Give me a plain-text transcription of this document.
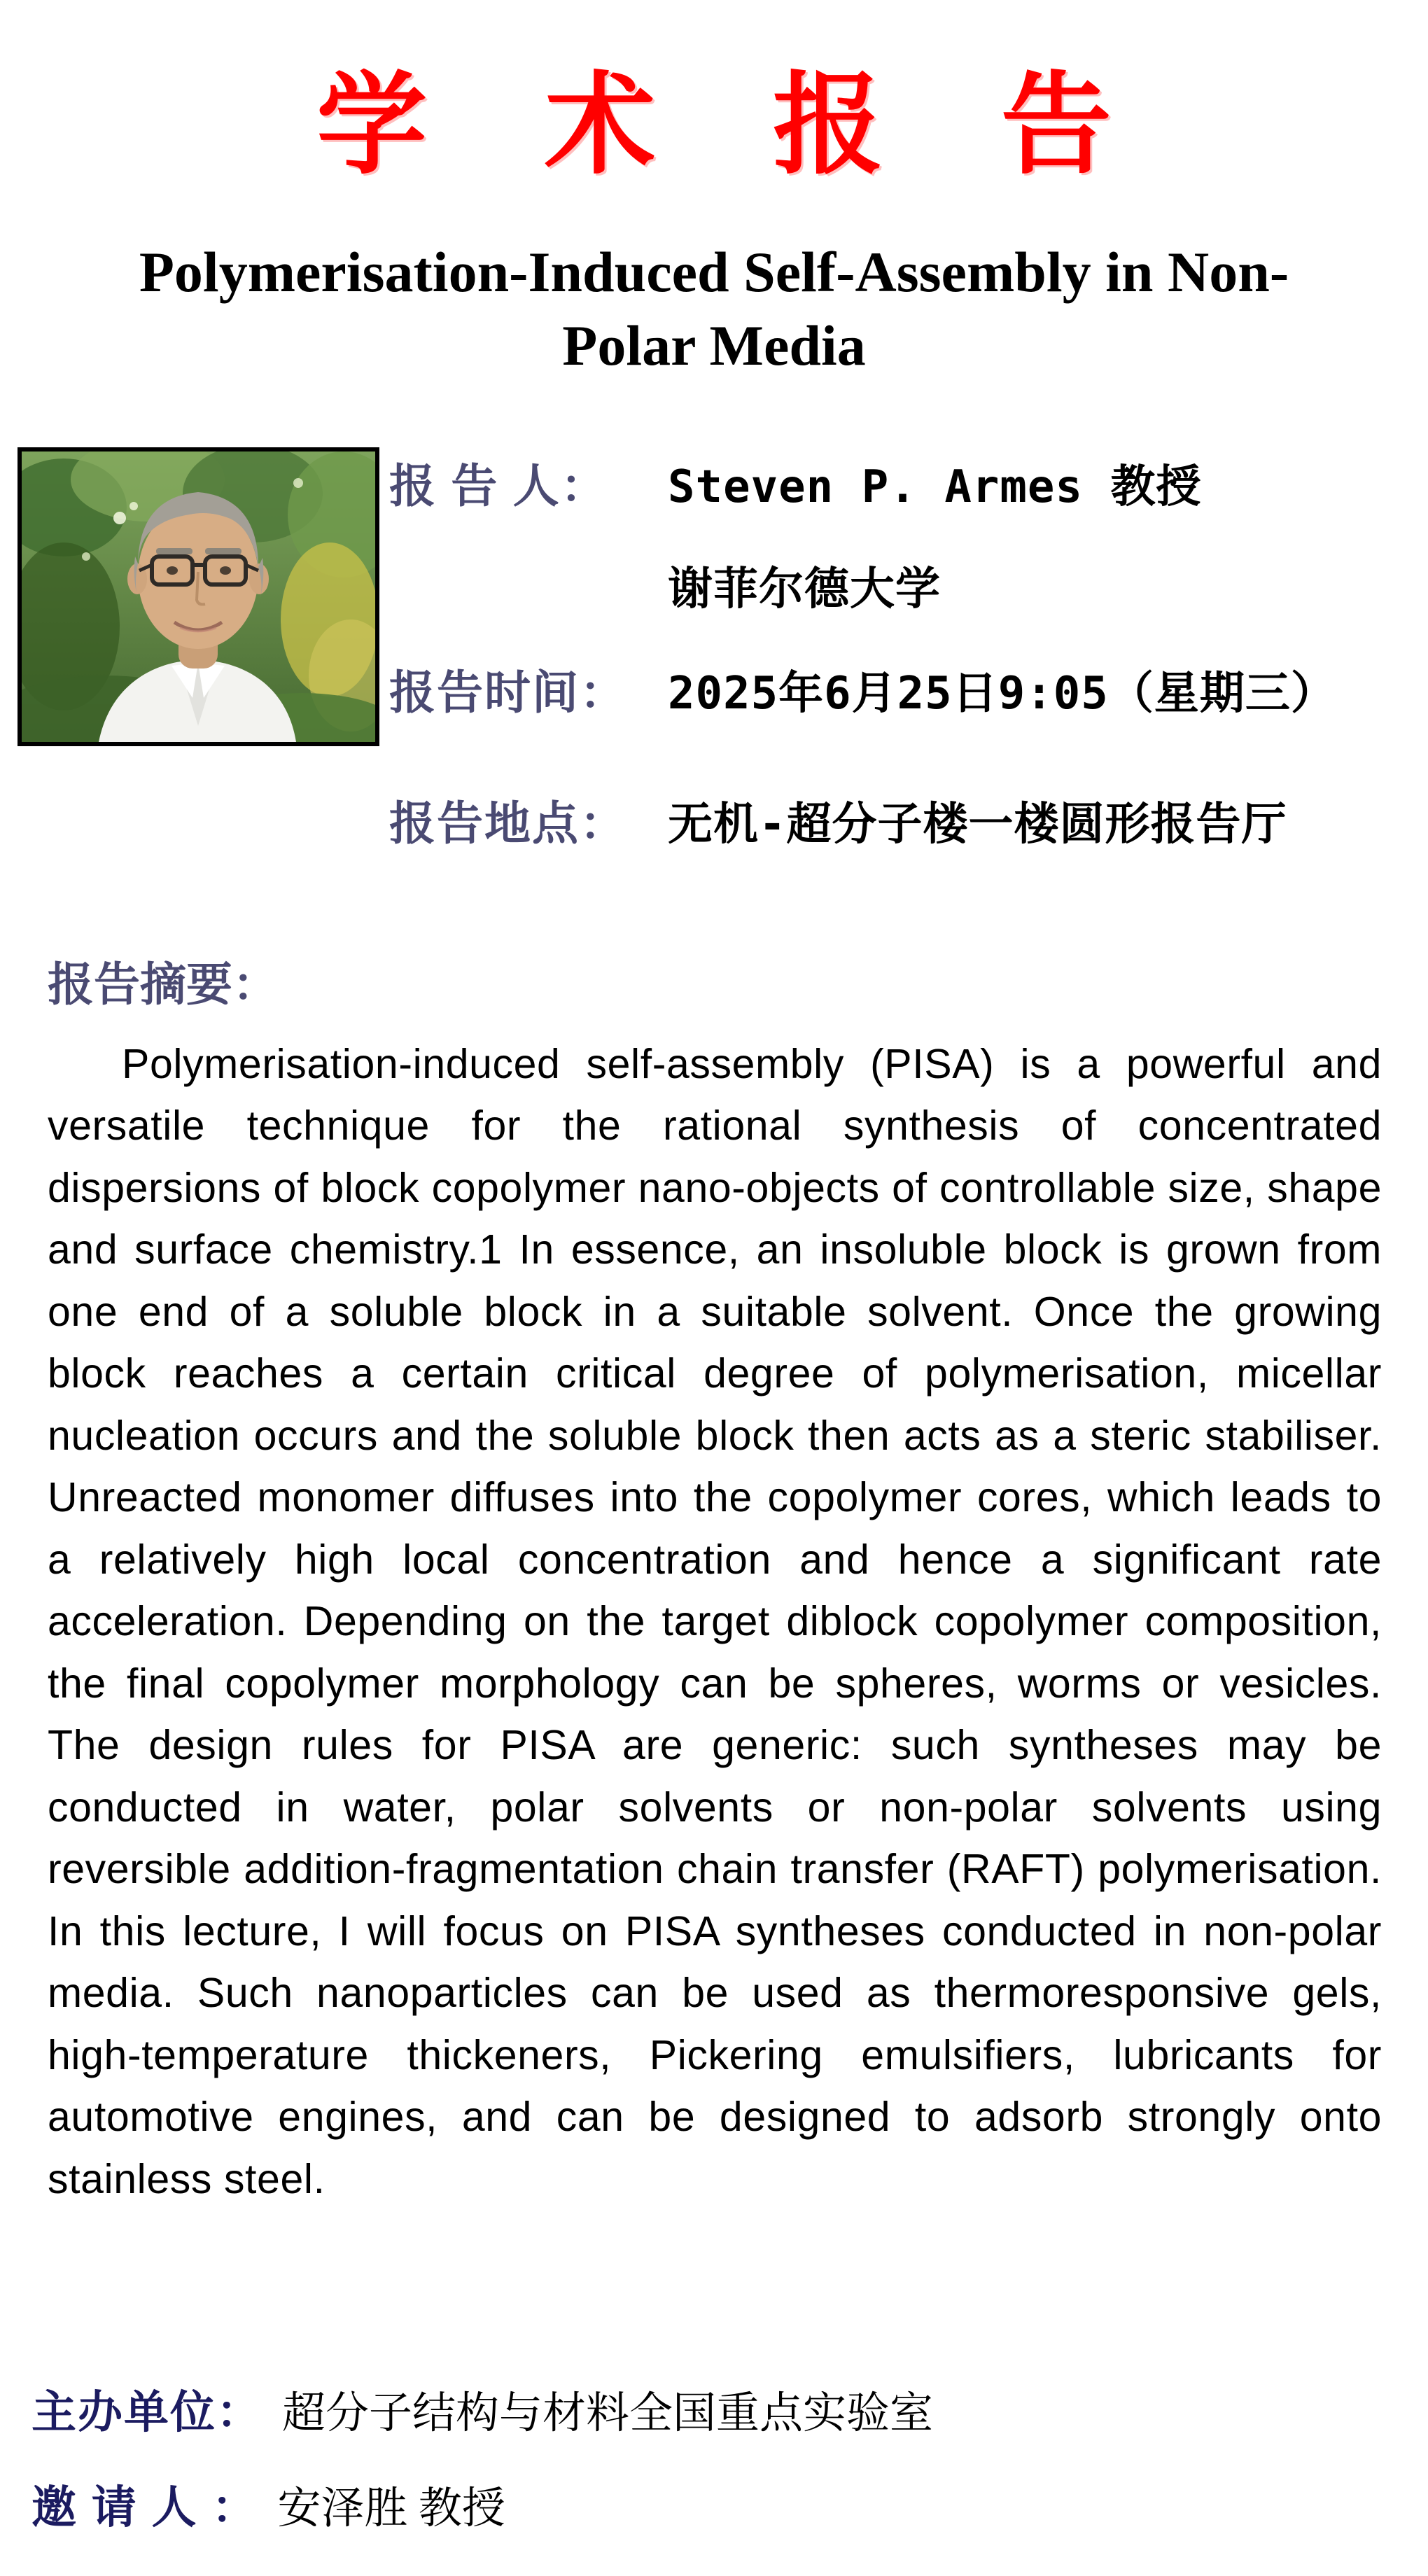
学 术 报 告
Polymerisation-Induced Self-Assembly in Non-Polar Media
报 告 人：	Steven P. Armes 教授
谢菲尔德大学
报告时间： 2025年6月25日9:05（星期三）
报告地点： 无机-超分子楼一楼圆形报告厅
报告摘要：
Polymerisation-induced self-assembly (PISA) is a powerful and versatile technique for the rational synthesis of concentrated dispersions of block copolymer nano-objects of controllable size, shape and surface chemistry.1 In essence, an insoluble block is grown from one end of a soluble block in a suitable solvent. Once the growing block reaches a certain critical degree of polymerisation, micellar nucleation occurs and the soluble block then acts as a steric stabiliser. Unreacted monomer diffuses into the copolymer cores, which leads to a relatively high local concentration and hence a significant rate acceleration. Depending on the target diblock copolymer composition, the final copolymer morphology can be spheres, worms or vesicles. The design rules for PISA are generic: such syntheses may be conducted in water, polar solvents or non-polar solvents using reversible addition-fragmentation chain transfer (RAFT) polymerisation. In this lecture, I will focus on PISA syntheses conducted in non-polar media. Such nanoparticles can be used as thermoresponsive gels, high-temperature thickeners, Pickering emulsifiers, lubricants for automotive engines, and can be designed to adsorb strongly onto stainless steel.
主办单位： 超分子结构与材料全国重点实验室
邀 请 人 ： 安泽胜 教授
